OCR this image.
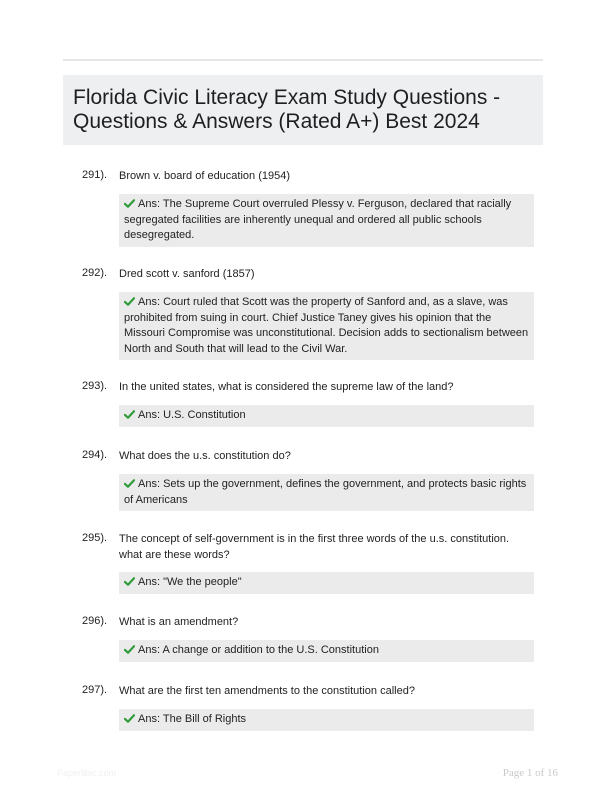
Florida Civic Literacy Exam Study Questions - Questions & Answers (Rated A+) Best 2024
291). Brown v. board of education (1954)
Ans: The Supreme Court overruled Plessy v. Ferguson, declared that racially segregated facilities are inherently unequal and ordered all public schools desegregated.
292). Dred scott v. sanford (1857)
Ans: Court ruled that Scott was the property of Sanford and, as a slave, was prohibited from suing in court. Chief Justice Taney gives his opinion that the Missouri Compromise was unconstitutional. Decision adds to sectionalism between North and South that will lead to the Civil War.
293). In the united states, what is considered the supreme law of the land?
Ans: U.S. Constitution
294). What does the u.s. constitution do?
Ans: Sets up the government, defines the government, and protects basic rights of Americans
295). The concept of self-government is in the first three words of the u.s. constitution. what are these words?
Ans: "We the people"
296). What is an amendment?
Ans: A change or addition to the U.S. Constitution
297). What are the first ten amendments to the constitution called?
Ans: The Bill of Rights
Paperlibic.com	Page 1 of 16
